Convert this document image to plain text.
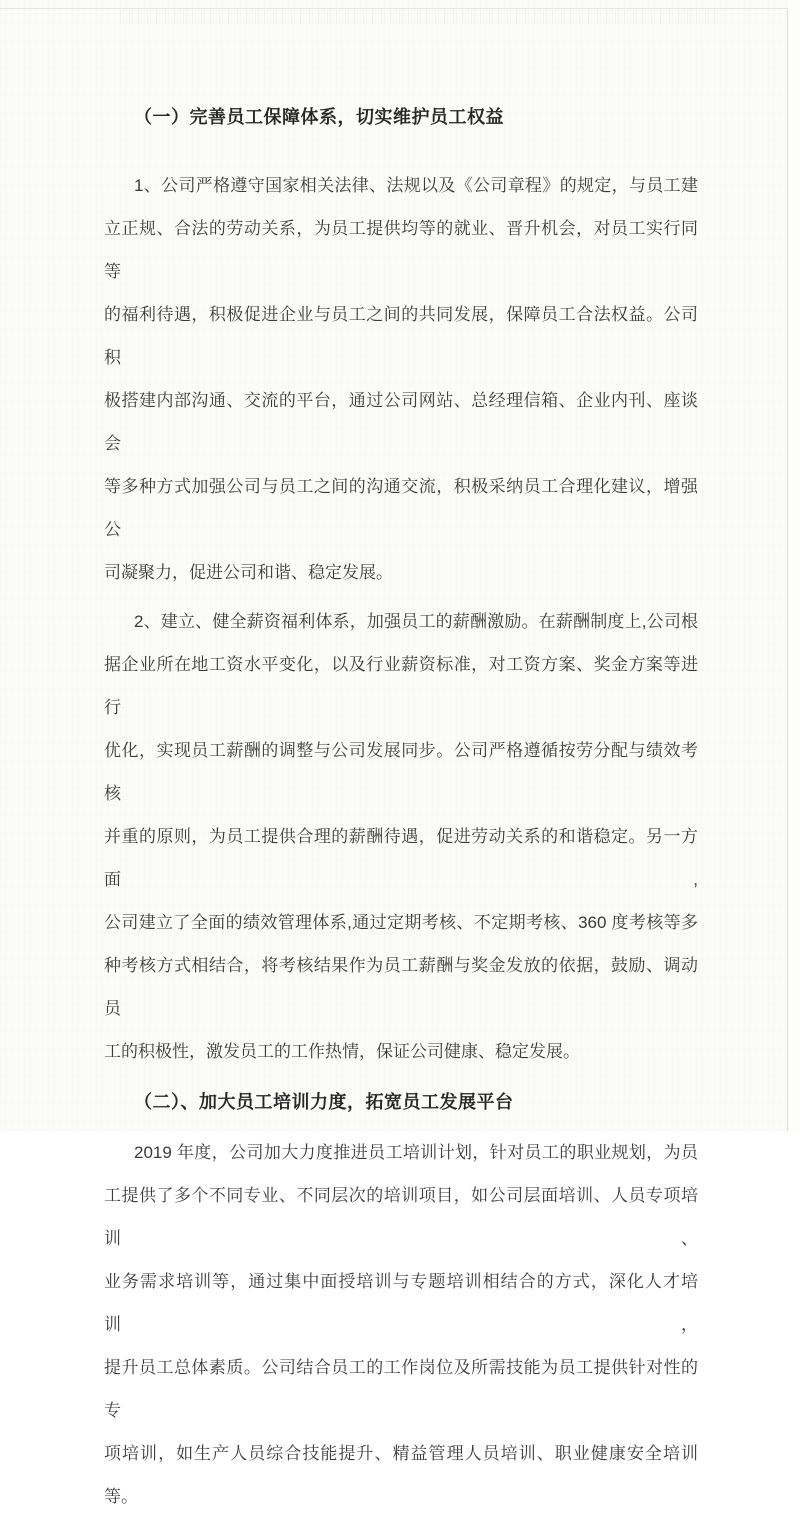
（一）完善员工保障体系，切实维护员工权益
1、公司严格遵守国家相关法律、法规以及《公司章程》的规定，与员工建
立正规、合法的劳动关系，为员工提供均等的就业、晋升机会，对员工实行同等
的福利待遇，积极促进企业与员工之间的共同发展，保障员工合法权益。公司积
极搭建内部沟通、交流的平台，通过公司网站、总经理信箱、企业内刊、座谈会
等多种方式加强公司与员工之间的沟通交流，积极采纳员工合理化建议，增强公
司凝聚力，促进公司和谐、稳定发展。
2、建立、健全薪资福利体系，加强员工的薪酬激励。在薪酬制度上,公司根
据企业所在地工资水平变化，以及行业薪资标准，对工资方案、奖金方案等进行
优化，实现员工薪酬的调整与公司发展同步。公司严格遵循按劳分配与绩效考核
并重的原则，为员工提供合理的薪酬待遇，促进劳动关系的和谐稳定。另一方面,
公司建立了全面的绩效管理体系,通过定期考核、不定期考核、360 度考核等多
种考核方式相结合，将考核结果作为员工薪酬与奖金发放的依据，鼓励、调动员
工的积极性，激发员工的工作热情，保证公司健康、稳定发展。
（二）、加大员工培训力度，拓宽员工发展平台
2019 年度，公司加大力度推进员工培训计划，针对员工的职业规划，为员
工提供了多个不同专业、不同层次的培训项目，如公司层面培训、人员专项培训、
业务需求培训等，通过集中面授培训与专题培训相结合的方式，深化人才培训，
提升员工总体素质。公司结合员工的工作岗位及所需技能为员工提供针对性的专
项培训，如生产人员综合技能提升、精益管理人员培训、职业健康安全培训等。
